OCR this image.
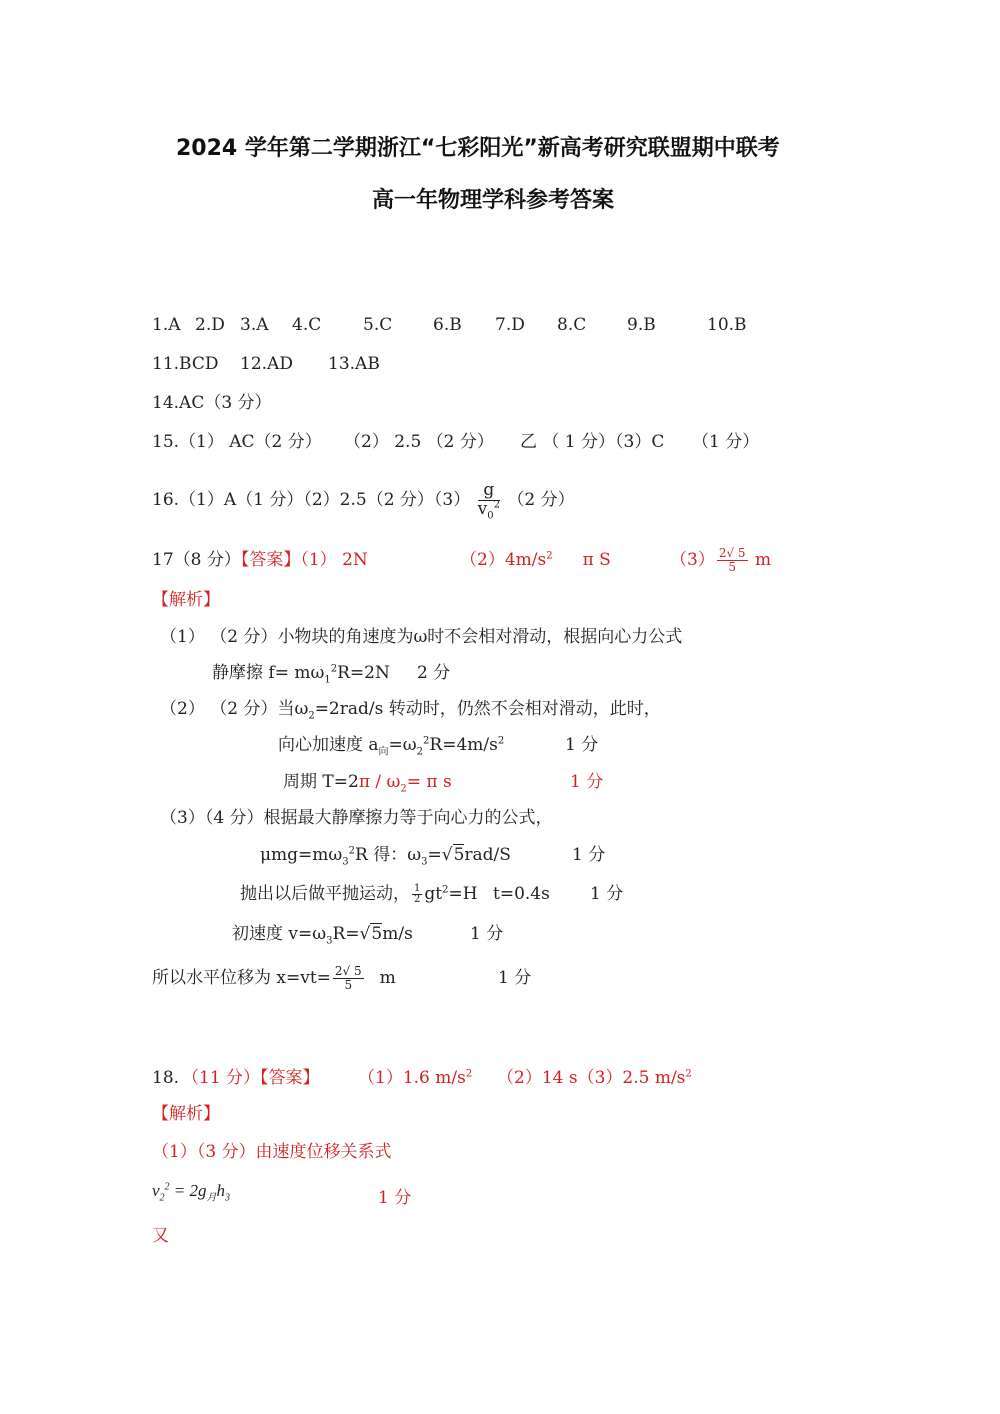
2024 学年第二学期浙江“七彩阳光”新高考研究联盟期中联考
高一年物理学科参考答案
1.A 2.D 3.A 4.C 5.C 6.B 7.D 8.C 9.B	10.B
11.BCD 12.AD 13.AB
14.AC（3 分）
15.（1） AC（2 分） （2） 2.5 （2 分） 乙 （ 1 分）（3）C （1 分）
16.（1）A（1 分）（2）2.5（2 分）$(3) \frac{g}{v_0^2} (2$ 分）
17（8 分）【答案】（1） 2N	$(2)4m/s^2$ π S	$(3) \frac{2√ 5}{5}$ m
【解析】
（1） （2 分）小物块的角速度为ω时不会相对滑动，根据向心力公式
静摩擦 $f= m\omega_1^2R=2N$ 2 分
（2） （2 分）当$\omega_2=2rad/s$ 转动时，仍然不会相对滑动，此时，
向心加速度 $a_向=\omega_2^2R=4m/s^2$	1 分
周期 $T=2\pi / \omega_2= \pi$ s	1 分
（3）（4 分）根据最大静摩擦力等于向心力的公式，
$\mu mg=m\omega_3^2R$ 得：$\omega_3=√5rad/S$	1 分
抛出以后做平抛运动， $\frac{1}{2} gt^2=H$ t=0.4s 1 分
初速度 $v=\omega_3R=√5m/s$	1 分
所以水平位移为 $x=vt= \frac{2√ 5}{5}$ m	1 分
18. （11 分）【答案】 （1）1.6 $m/s^2$ （2）14 s（3）2.5 $m/s^2$
【解析】
（1）（3 分）由速度位移关系式
$v_2^2 = 2g_月h_3$	1 分
又
